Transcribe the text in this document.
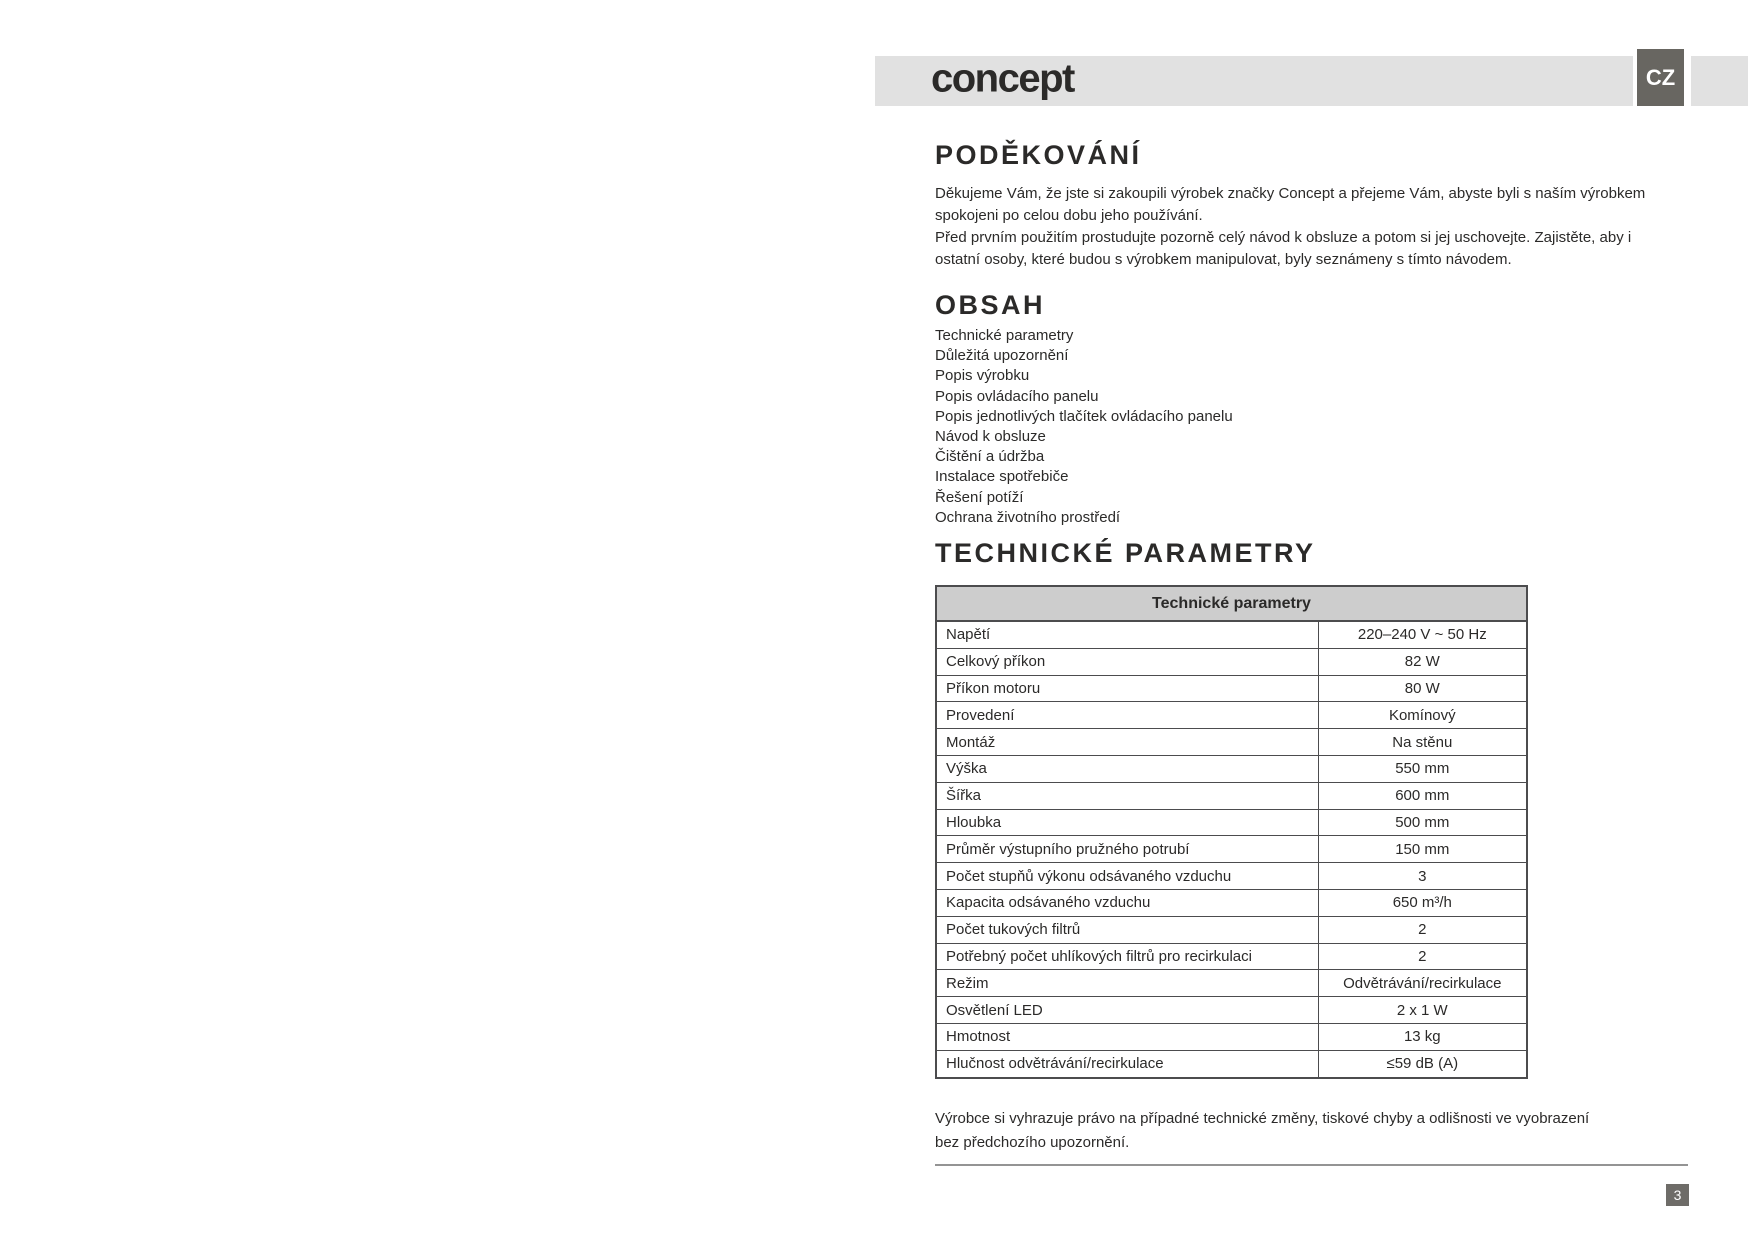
concept	CZ
PODĚKOVÁNÍ
Děkujeme Vám, že jste si zakoupili výrobek značky Concept a přejeme Vám, abyste byli s naším výrobkem
spokojeni po celou dobu jeho používání.
Před prvním použitím prostudujte pozorně celý návod k obsluze a potom si jej uschovejte. Zajistěte, aby i
ostatní osoby, které budou s výrobkem manipulovat, byly seznámeny s tímto návodem.
OBSAH
Technické parametry
Důležitá upozornění
Popis výrobku
Popis ovládacího panelu
Popis jednotlivých tlačítek ovládacího panelu
Návod k obsluze
Čištění a údržba
Instalace spotřebiče
Řešení potíží
Ochrana životního prostředí
TECHNICKÉ PARAMETRY
Technické parametry	
Napětí	220–240 V ~ 50 Hz
Celkový příkon	82 W
Příkon motoru	80 W
Provedení	Komínový
Montáž	Na stěnu
Výška	550 mm
Šířka	600 mm
Hloubka	500 mm
Průměr výstupního pružného potrubí	150 mm
Počet stupňů výkonu odsávaného vzduchu	3
Kapacita odsávaného vzduchu	650 m³/h
Počet tukových filtrů	2
Potřebný počet uhlíkových filtrů pro recirkulaci	2
Režim	Odvětrávání/recirkulace
Osvětlení LED	2 x 1 W
Hmotnost	13 kg
Hlučnost odvětrávání/recirkulace	≤59 dB (A)
Výrobce si vyhrazuje právo na případné technické změny, tiskové chyby a odlišnosti ve vyobrazení
bez předchozího upozornění.
3
